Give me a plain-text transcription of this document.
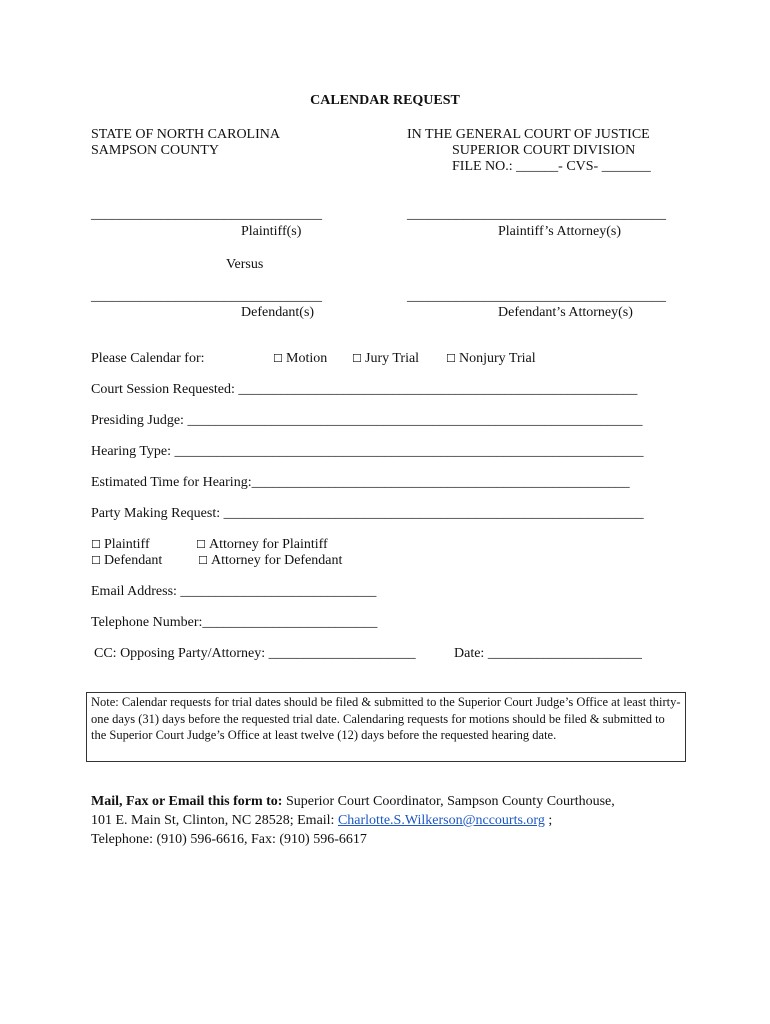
CALENDAR REQUEST
STATE OF NORTH CAROLINA
SAMPSON COUNTY
IN THE GENERAL COURT OF JUSTICE
SUPERIOR COURT DIVISION
FILE NO.: ______- CVS- _______
_________________________________
Plaintiff(s)
_____________________________________
Plaintiff’s Attorney(s)
Versus
_________________________________
Defendant(s)
_____________________________________
Defendant’s Attorney(s)
Please Calendar for:	☐ Motion ☐ Jury Trial ☐ Nonjury Trial
Court Session Requested: _________________________________________________________
Presiding Judge: _________________________________________________________________
Hearing Type: ___________________________________________________________________
Estimated Time for Hearing:______________________________________________________
Party Making Request: ____________________________________________________________
☐ Plaintiff	☐ Attorney for Plaintiff
☐ Defendant	☐ Attorney for Defendant
Email Address: ____________________________
Telephone Number:_________________________
CC: Opposing Party/Attorney: _____________________	Date: ______________________
Note: Calendar requests for trial dates should be filed & submitted to the Superior Court Judge’s Office at least thirty-one days (31) days before the requested trial date. Calendaring requests for motions should be filed & submitted to the Superior Court Judge’s Office at least twelve (12) days before the requested hearing date.
Mail, Fax or Email this form to: Superior Court Coordinator, Sampson County Courthouse,
101 E. Main St, Clinton, NC 28528; Email: Charlotte.S.Wilkerson@nccourts.org ;
Telephone: (910) 596-6616, Fax: (910) 596-6617
